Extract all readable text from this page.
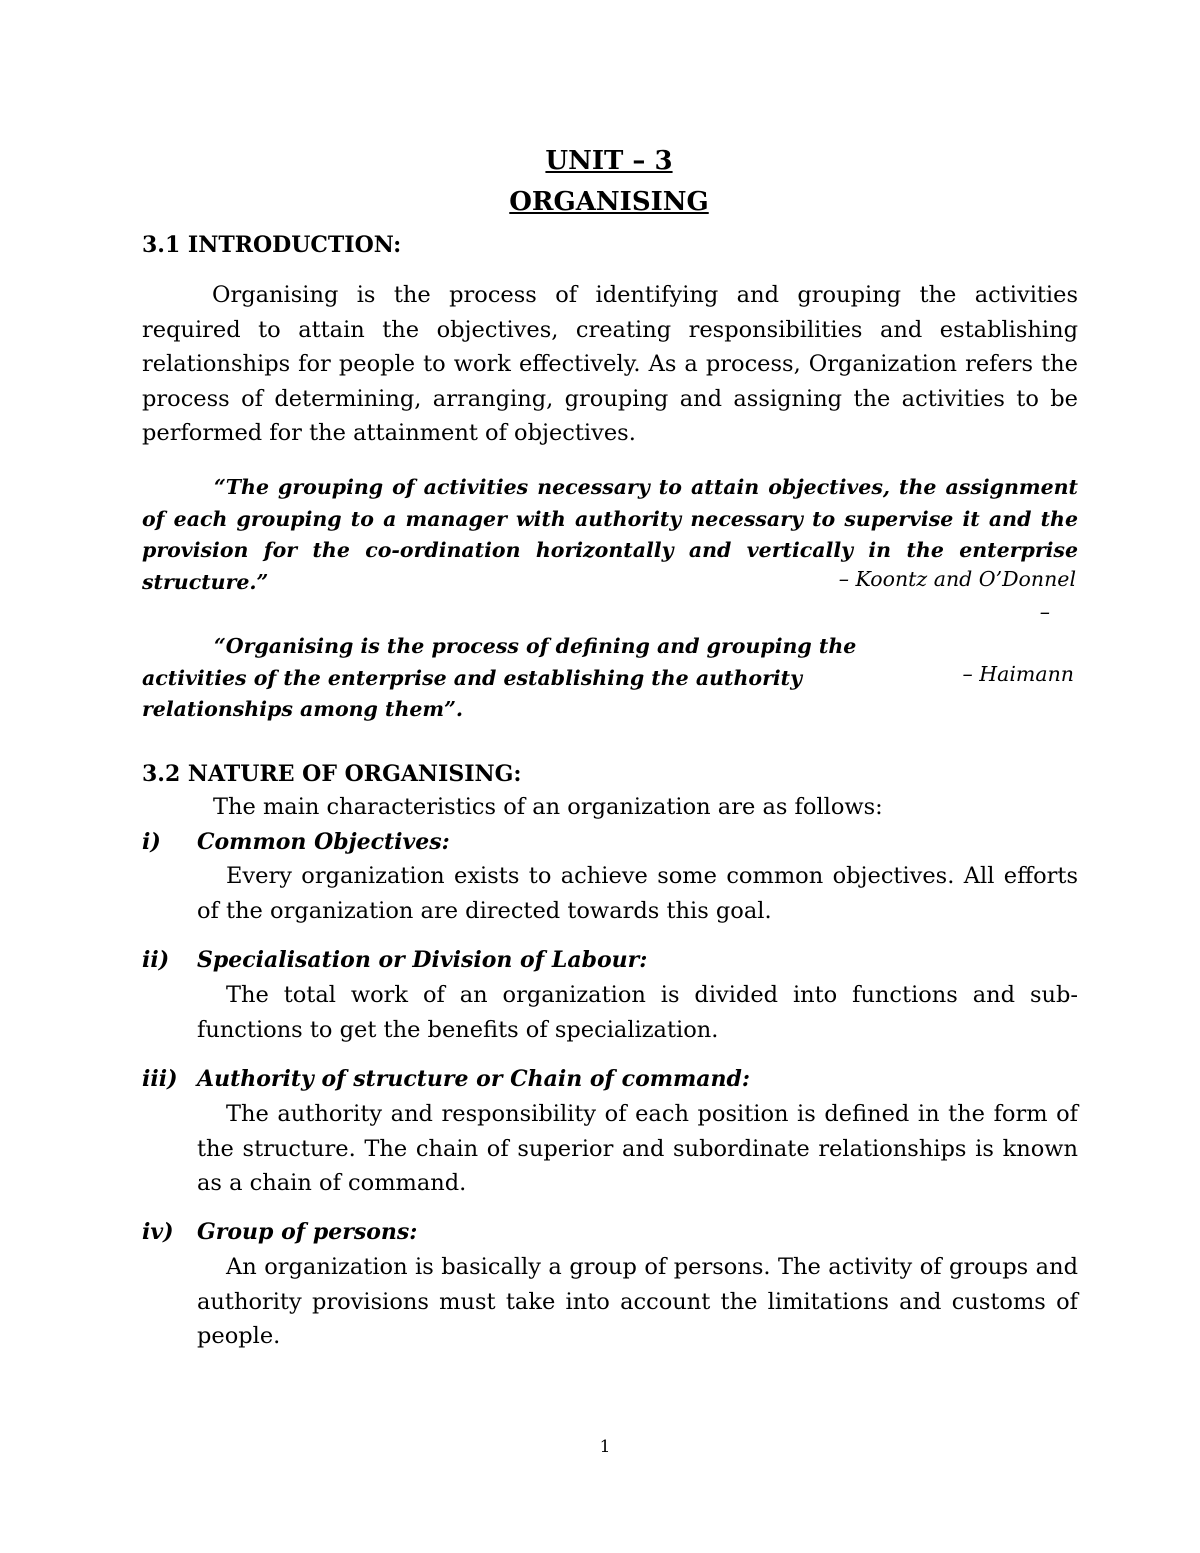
UNIT – 3
ORGANISING
3.1 INTRODUCTION:

Organising is the process of identifying and grouping the activities required to attain the objectives, creating responsibilities and establishing relationships for people to work effectively. As a process, Organization refers the process of determining, arranging, grouping and assigning the activities to be performed for the attainment of objectives.

“The grouping of activities necessary to attain objectives, the assignment of each grouping to a manager with authority necessary to supervise it and the provision for the co-ordination horizontally and vertically in the enterprise structure.”	– Koontz and O’Donnel
–

“Organising is the process of defining and grouping the activities of the enterprise and establishing the authority relationships among them”.

– Haimann
3.2 NATURE OF ORGANISING:
The main characteristics of an organization are as follows:
i) Common Objectives:

Every organization exists to achieve some common objectives. All efforts of the organization are directed towards this goal.

ii) Specialisation or Division of Labour:

The total work of an organization is divided into functions and sub-functions to get the benefits of specialization.

iii) Authority of structure or Chain of command:

The authority and responsibility of each position is defined in the form of the structure. The chain of superior and subordinate relationships is known as a chain of command.

iv) Group of persons:

An organization is basically a group of persons. The activity of groups and authority provisions must take into account the limitations and customs of people.

1
